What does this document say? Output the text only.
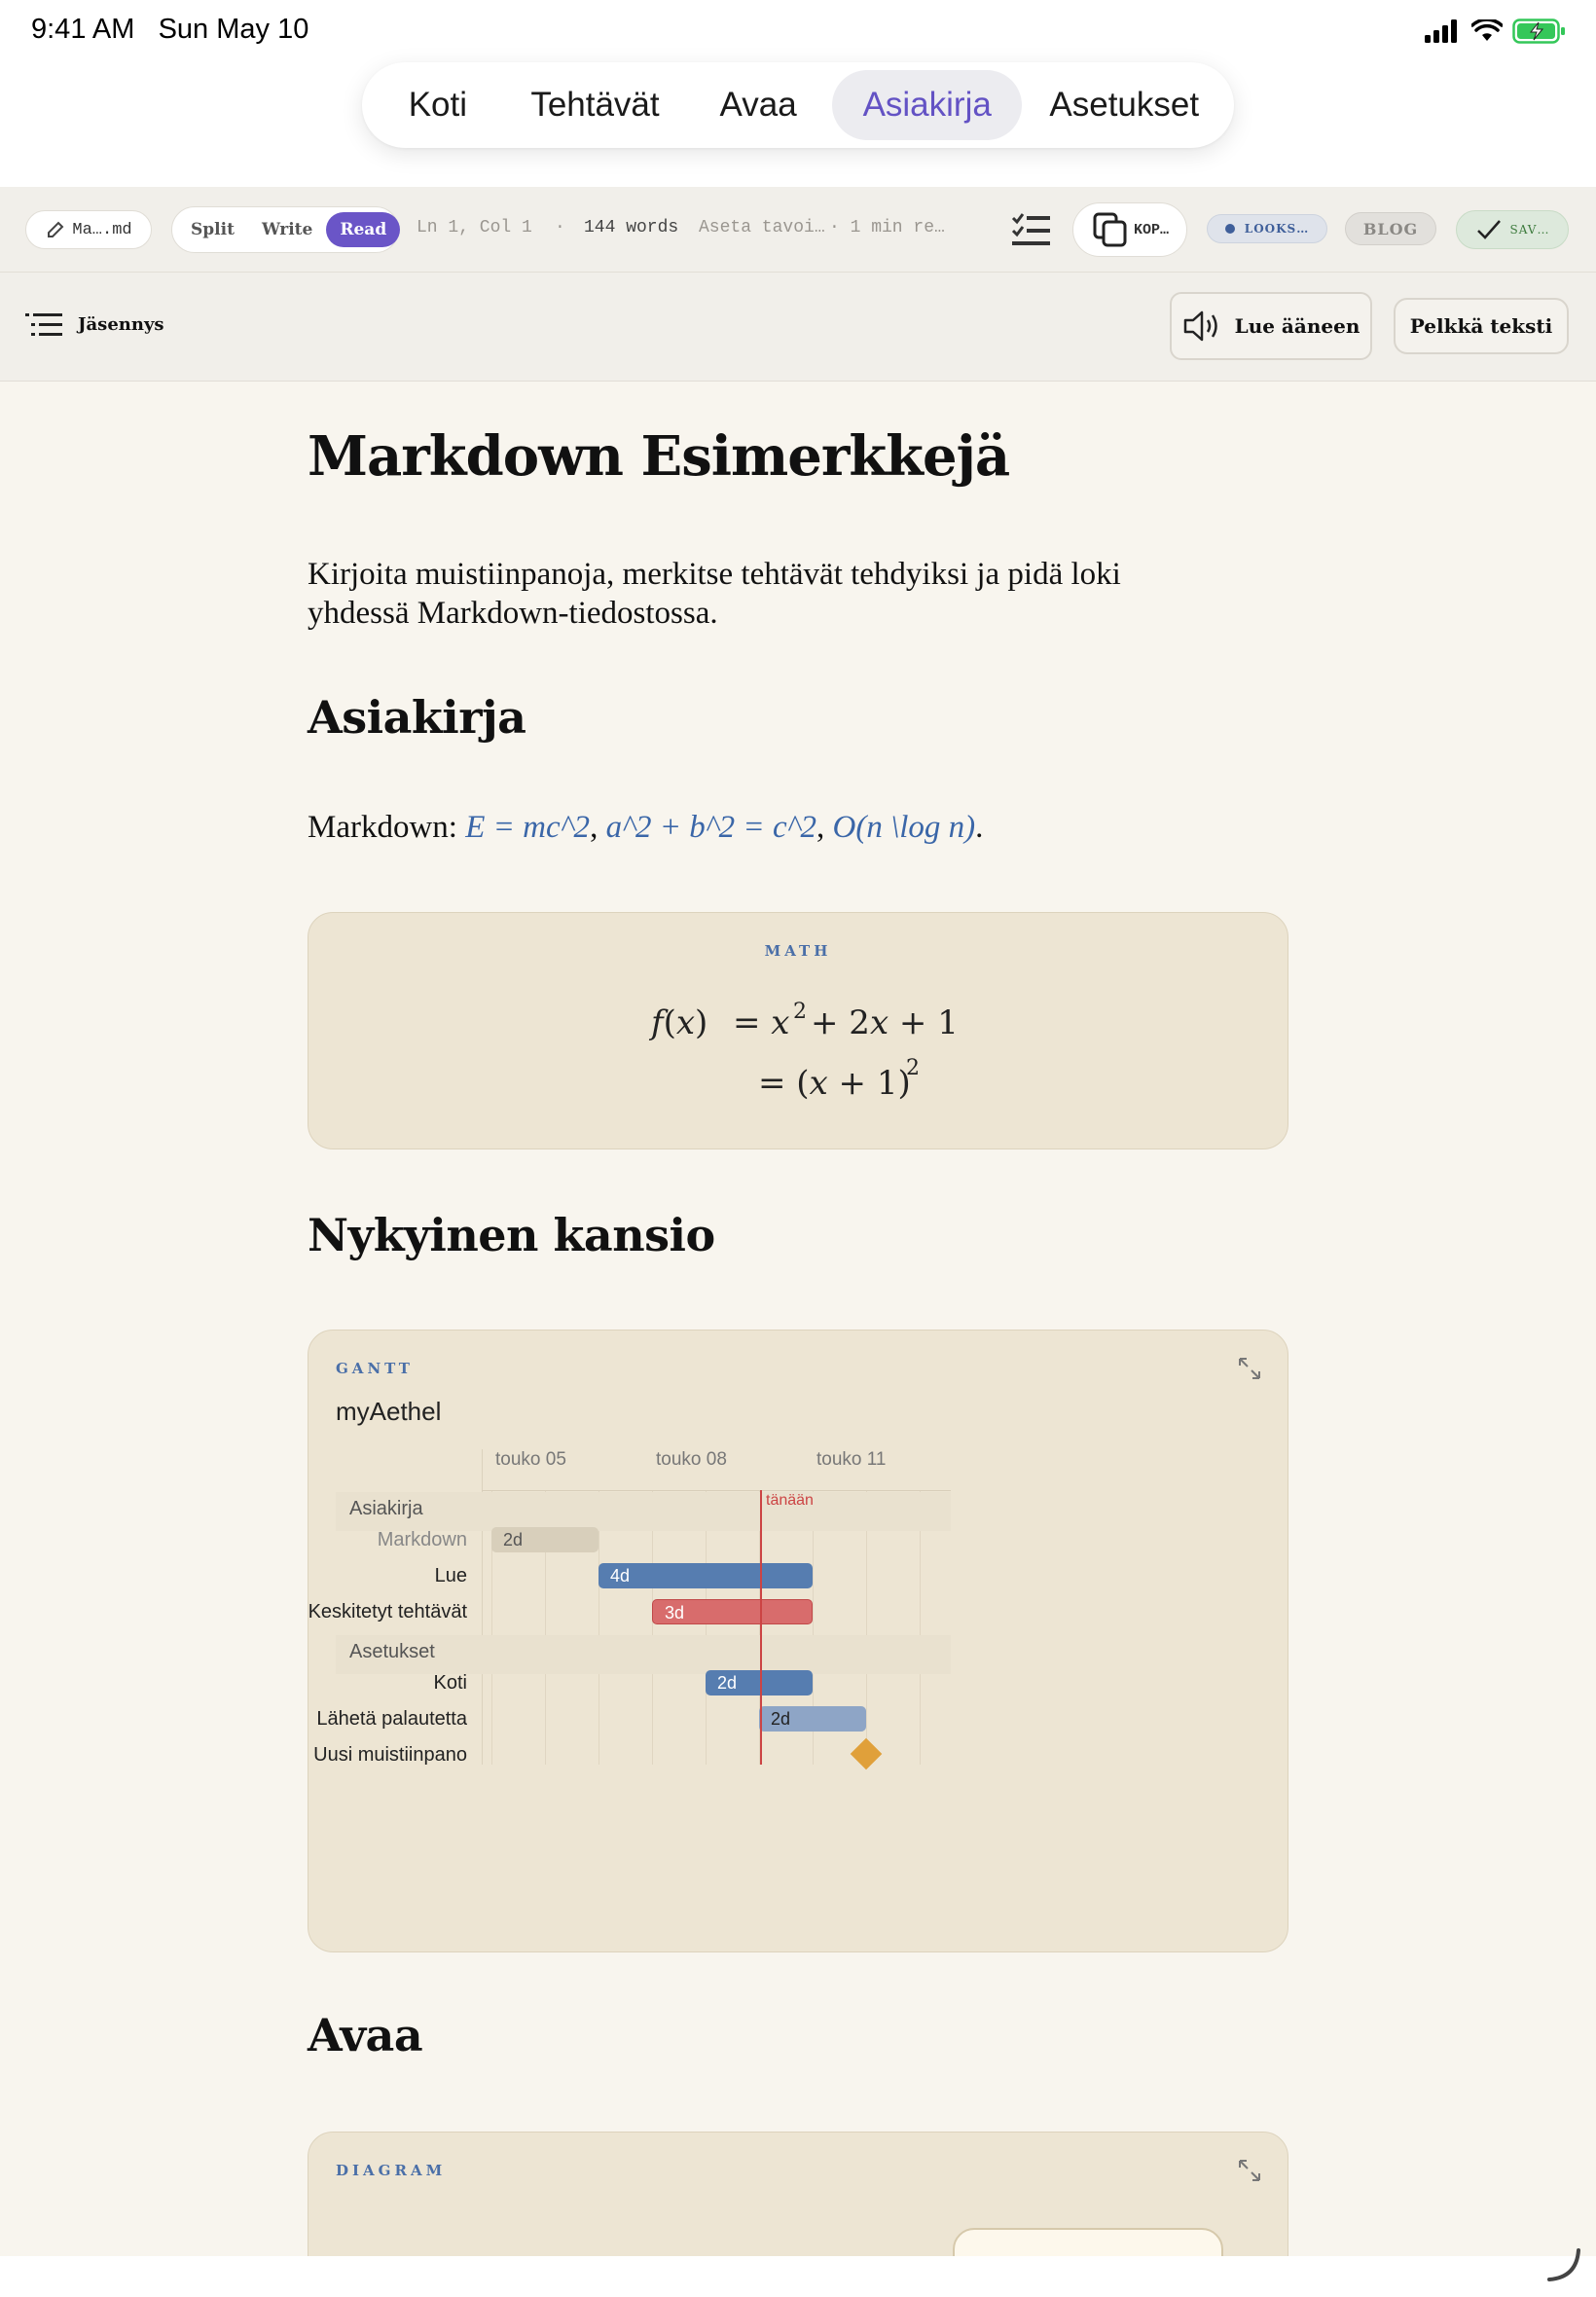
9:41 AM Sun May 10
Koti	Tehtävät	Avaa	Asiakirja	Asetukset
Ma….md	Split	Write	Read	Ln 1, Col 1 · 144 words Aseta tavoi… · 1 min re…	KOP…	LOOKS…	BLOG	SAV…
Jäsennys	Lue ääneen	Pelkkä teksti
Markdown Esimerkkejä

Kirjoita muistiinpanoja, merkitse tehtävät tehdyiksi ja pidä loki
yhdessä Markdown-tiedostossa.

Asiakirja

Markdown: E = mc^2, a^2 + b^2 = c^2, O(n \log n).

MATH
f(x) = x 2 + 2x + 1
= (x + 1)
2
Nykyinen kansio
GANTT
myAethel
touko 05	touko 08	touko 11
Asiakirja
Markdown	2d
Lue	4d
Keskitetyt tehtävät	3d
Asetukset
Koti	2d
Lähetä palautetta	2d
Uusi muistiinpano
tänään
Avaa
DIAGRAM
